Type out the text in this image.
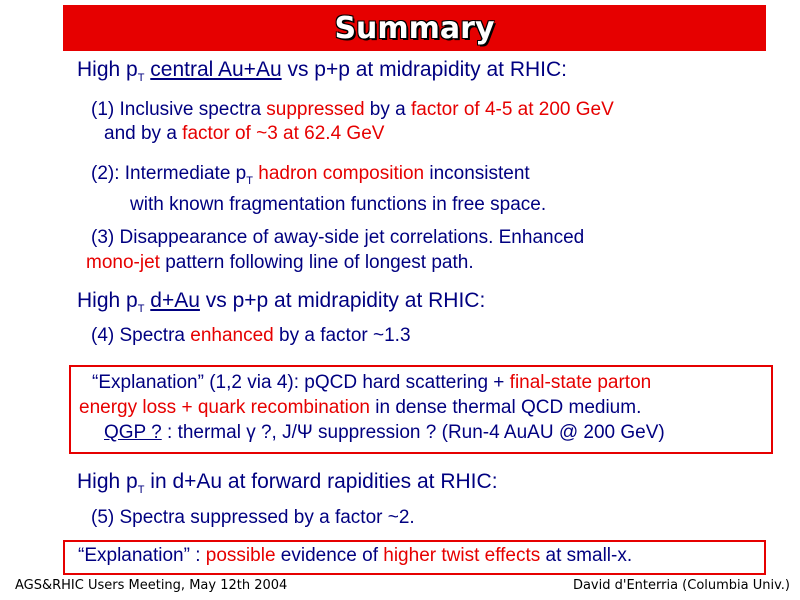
Summary
High $p_T$ central Au+Au vs p+p at midrapidity at RHIC:
(1) Inclusive spectra suppressed by a factor of 4-5 at 200 GeV
and by a factor of ~3 at 62.4 GeV
(2): Intermediate $p_T$ hadron composition inconsistent
with known fragmentation functions in free space.
(3) Disappearance of away-side jet correlations. Enhanced
mono-jet pattern following line of longest path.
High $p_T$ d+Au vs p+p at midrapidity at RHIC:
(4) Spectra enhanced by a factor ~1.3
“Explanation” (1,2 via 4): pQCD hard scattering + final-state parton
energy loss + quark recombination in dense thermal QCD medium.
QGP ? : thermal γ ?, J/Ψ suppression ? (Run-4 AuAU @ 200 GeV)
High $p_T$ in d+Au at forward rapidities at RHIC:
(5) Spectra suppressed by a factor ~2.
“Explanation” : possible evidence of higher twist effects at small-x.
AGS&RHIC Users Meeting, May 12th 2004	David d'Enterria (Columbia Univ.)
